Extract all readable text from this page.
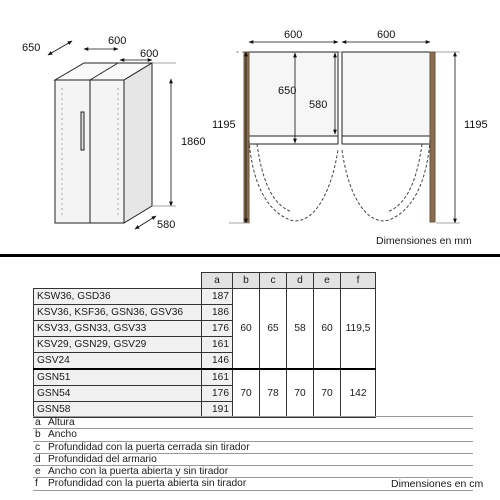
650
600
600
1860
580
600	600
650
580
1195	1195
Dimensiones en mm
	a	b	c	d	e	f
KSW36, GSD36	187	60	65	58	60	119,5
KSV36, KSF36, GSN36, GSV36	186					
KSV33, GSN33, GSV33	176					
KSV29, GSN29, GSV29	161					
GSV24	146					
GSN51	161	70	78	70	70	142
GSN54	176					
GSN58	191					
a Altura
b Ancho
c Profundidad con la puerta cerrada sin tirador
d Profundidad del armario
e Ancho con la puerta abierta y sin tirador
f Profundidad con la puerta abierta sin tirador	Dimensiones en cm
